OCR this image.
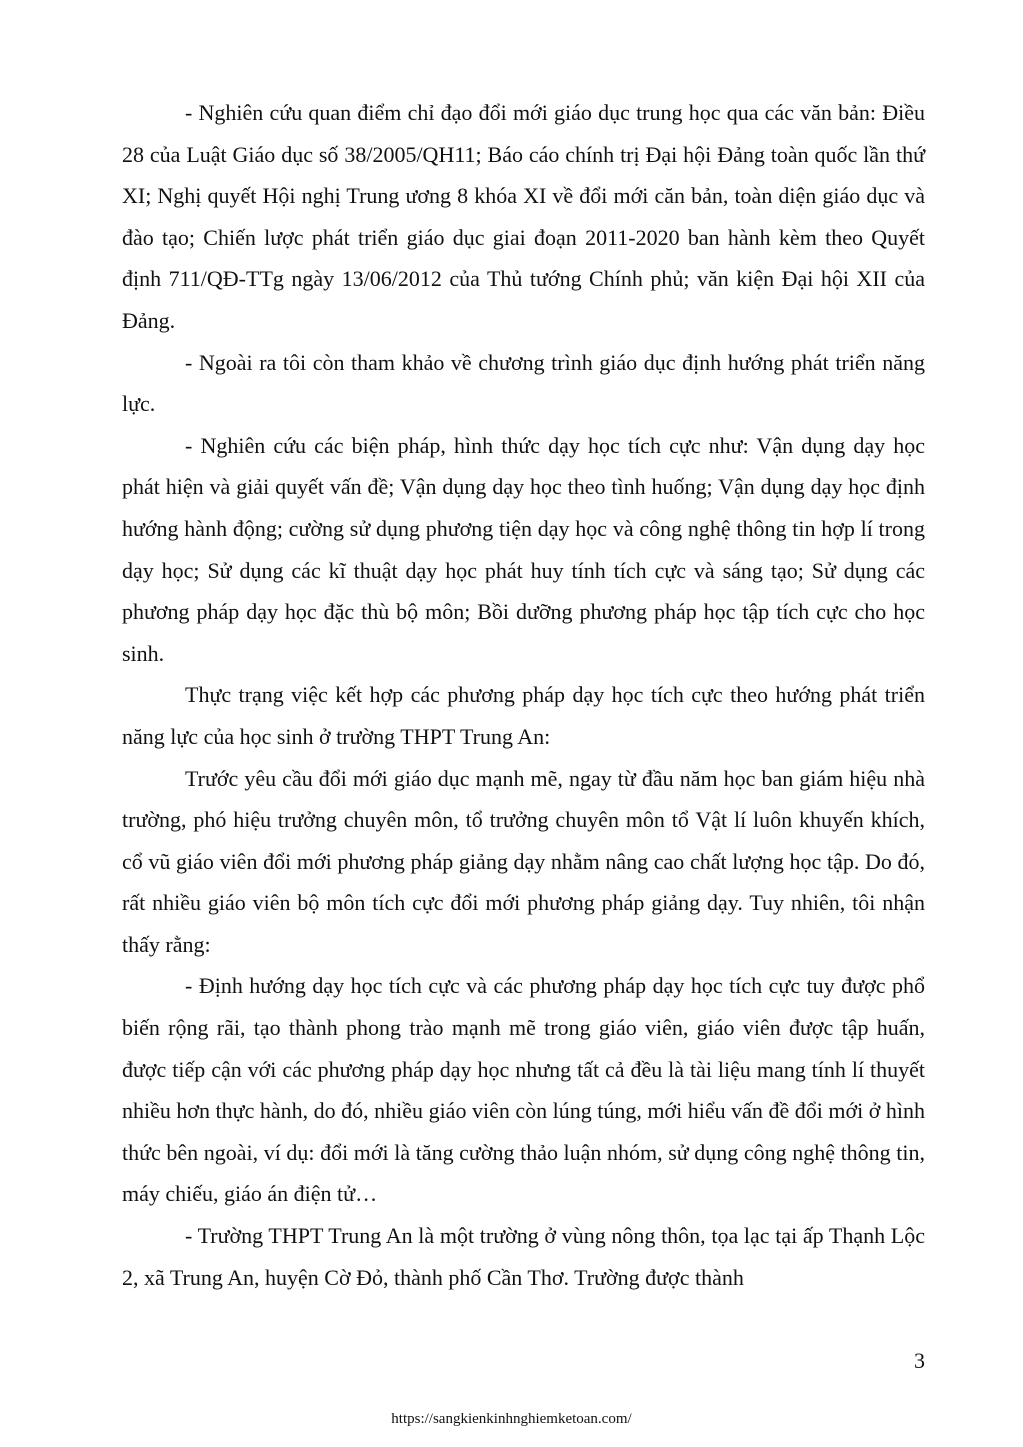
- Nghiên cứu quan điểm chỉ đạo đổi mới giáo dục trung học qua các văn bản: Điều 28 của Luật Giáo dục số 38/2005/QH11; Báo cáo chính trị Đại hội Đảng toàn quốc lần thứ XI; Nghị quyết Hội nghị Trung ương 8 khóa XI về đổi mới căn bản, toàn diện giáo dục và đào tạo; Chiến lược phát triển giáo dục giai đoạn 2011-2020 ban hành kèm theo Quyết định 711/QĐ-TTg ngày 13/06/2012 của Thủ tướng Chính phủ; văn kiện Đại hội XII của Đảng.

- Ngoài ra tôi còn tham khảo về chương trình giáo dục định hướng phát triển năng lực.

- Nghiên cứu các biện pháp, hình thức dạy học tích cực như: Vận dụng dạy học phát hiện và giải quyết vấn đề; Vận dụng dạy học theo tình huống; Vận dụng dạy học định hướng hành động; cường sử dụng phương tiện dạy học và công nghệ thông tin hợp lí trong dạy học; Sử dụng các kĩ thuật dạy học phát huy tính tích cực và sáng tạo; Sử dụng các phương pháp dạy học đặc thù bộ môn; Bồi dưỡng phương pháp học tập tích cực cho học sinh.

Thực trạng việc kết hợp các phương pháp dạy học tích cực theo hướng phát triển năng lực của học sinh ở trường THPT Trung An:

Trước yêu cầu đổi mới giáo dục mạnh mẽ, ngay từ đầu năm học ban giám hiệu nhà trường, phó hiệu trưởng chuyên môn, tổ trưởng chuyên môn tổ Vật lí luôn khuyến khích, cổ vũ giáo viên đổi mới phương pháp giảng dạy nhằm nâng cao chất lượng học tập. Do đó, rất nhiều giáo viên bộ môn tích cực đổi mới phương pháp giảng dạy. Tuy nhiên, tôi nhận thấy rằng:

- Định hướng dạy học tích cực và các phương pháp dạy học tích cực tuy được phổ biến rộng rãi, tạo thành phong trào mạnh mẽ trong giáo viên, giáo viên được tập huấn, được tiếp cận với các phương pháp dạy học nhưng tất cả đều là tài liệu mang tính lí thuyết nhiều hơn thực hành, do đó, nhiều giáo viên còn lúng túng, mới hiểu vấn đề đổi mới ở hình thức bên ngoài, ví dụ: đổi mới là tăng cường thảo luận nhóm, sử dụng công nghệ thông tin, máy chiếu, giáo án điện tử…

- Trường THPT Trung An là một trường ở vùng nông thôn, tọa lạc tại ấp Thạnh Lộc 2, xã Trung An, huyện Cờ Đỏ, thành phố Cần Thơ. Trường được thành

3
https://sangkienkinhnghiemketoan.com/
